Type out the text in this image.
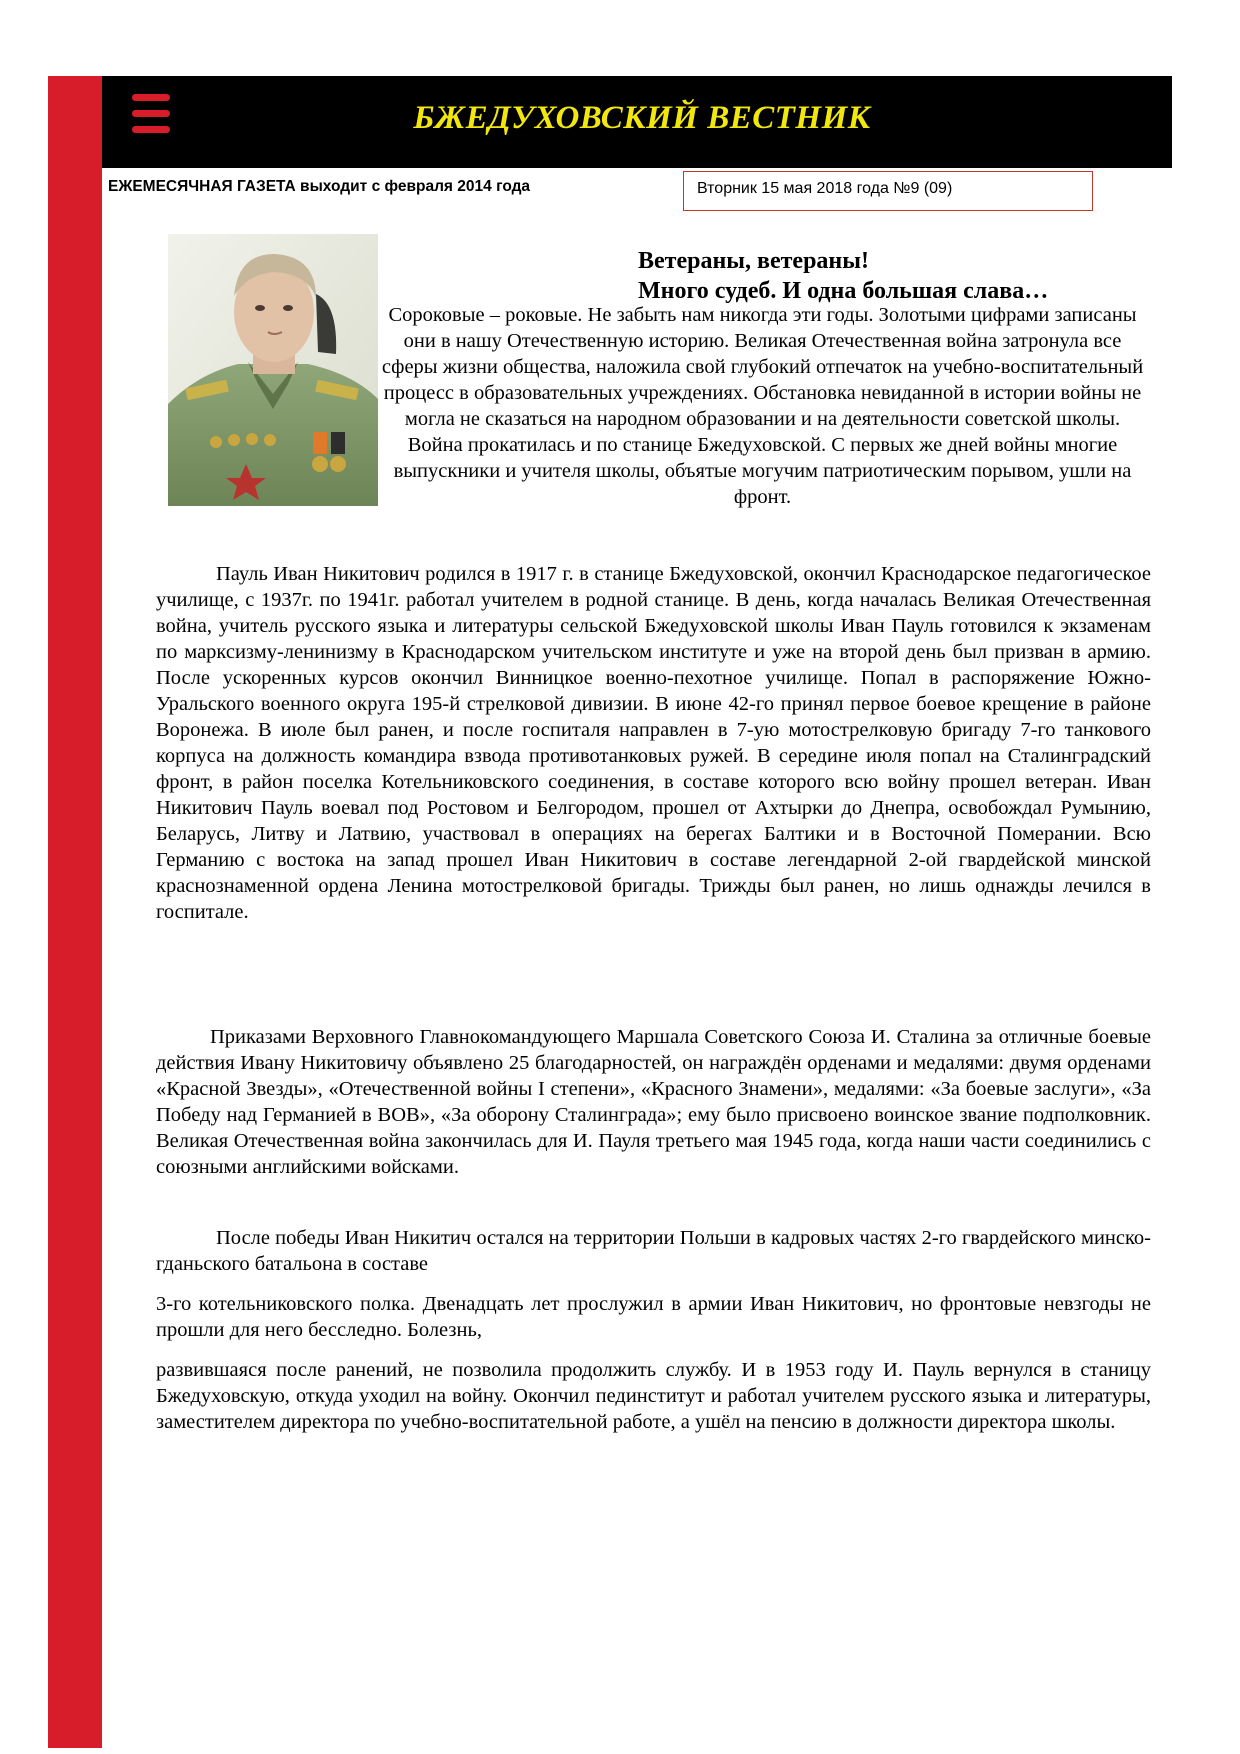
БЖЕДУХОВСКИЙ ВЕСТНИК
ЕЖЕМЕСЯЧНАЯ ГАЗЕТА выходит с февраля 2014 года	Вторник 15 мая 2018 года №9 (09)
Ветераны, ветераны!
Много судеб. И одна большая слава…
Сороковые – роковые. Не забыть нам никогда эти годы. Золотыми цифрами записаны они в нашу Отечественную историю. Великая Отечественная война затронула все сферы жизни общества, наложила свой глубокий отпечаток на учебно-воспитательный процесс в образовательных учреждениях. Обстановка невиданной в истории войны не могла не сказаться на народном образовании и на деятельности советской школы. Война прокатилась и по станице Бжедуховской. С первых же дней войны многие выпускники и учителя школы, объятые могучим патриотическим порывом, ушли на фронт.
Пауль Иван Никитович родился в 1917 г. в станице Бжедуховской, окончил Краснодарское педагогическое училище, с 1937г. по 1941г. работал учителем в родной станице. В день, когда началась Великая Отечественная война, учитель русского языка и литературы сельской Бжедуховской школы Иван Пауль готовился к экзаменам по марксизму-ленинизму в Краснодарском учительском институте и уже на второй день был призван в армию. После ускоренных курсов окончил Винницкое военно-пехотное училище. Попал в распоряжение Южно-Уральского военного округа 195-й стрелковой дивизии. В июне 42-го принял первое боевое крещение в районе Воронежа. В июле был ранен, и после госпиталя направлен в 7-ую мотострелковую бригаду 7-го танкового корпуса на должность командира взвода противотанковых ружей. В середине июля попал на Сталинградский фронт, в район поселка Котельниковского соединения, в составе которого всю войну прошел ветеран. Иван Никитович Пауль воевал под Ростовом и Белгородом, прошел от Ахтырки до Днепра, освобождал Румынию, Беларусь, Литву и Латвию, участвовал в операциях на берегах Балтики и в Восточной Померании. Всю Германию с востока на запад прошел Иван Никитович в составе легендарной 2-ой гвардейской минской краснознаменной ордена Ленина мотострелковой бригады. Трижды был ранен, но лишь однажды лечился в госпитале.
Приказами Верховного Главнокомандующего Маршала Советского Союза И. Сталина за отличные боевые действия Ивану Никитовичу объявлено 25 благодарностей, он награждён орденами и медалями: двумя орденами «Красной Звезды», «Отечественной войны I степени», «Красного Знамени», медалями: «За боевые заслуги», «За Победу над Германией в ВОВ», «За оборону Сталинграда»; ему было присвоено воинское звание подполковник. Великая Отечественная война закончилась для И. Пауля третьего мая 1945 года, когда наши части соединились с союзными английскими войсками.
После победы Иван Никитич остался на территории Польши в кадровых частях 2-го гвардейского минско-гданьского батальона в составе
3-го котельниковского полка. Двенадцать лет прослужил в армии Иван Никитович, но фронтовые невзгоды не прошли для него бесследно. Болезнь,
развившаяся после ранений, не позволила продолжить службу. И в 1953 году И. Пауль вернулся в станицу Бжедуховскую, откуда уходил на войну. Окончил пединститут и работал учителем русского языка и литературы, заместителем директора по учебно-воспитательной работе, а ушёл на пенсию в должности директора школы.
